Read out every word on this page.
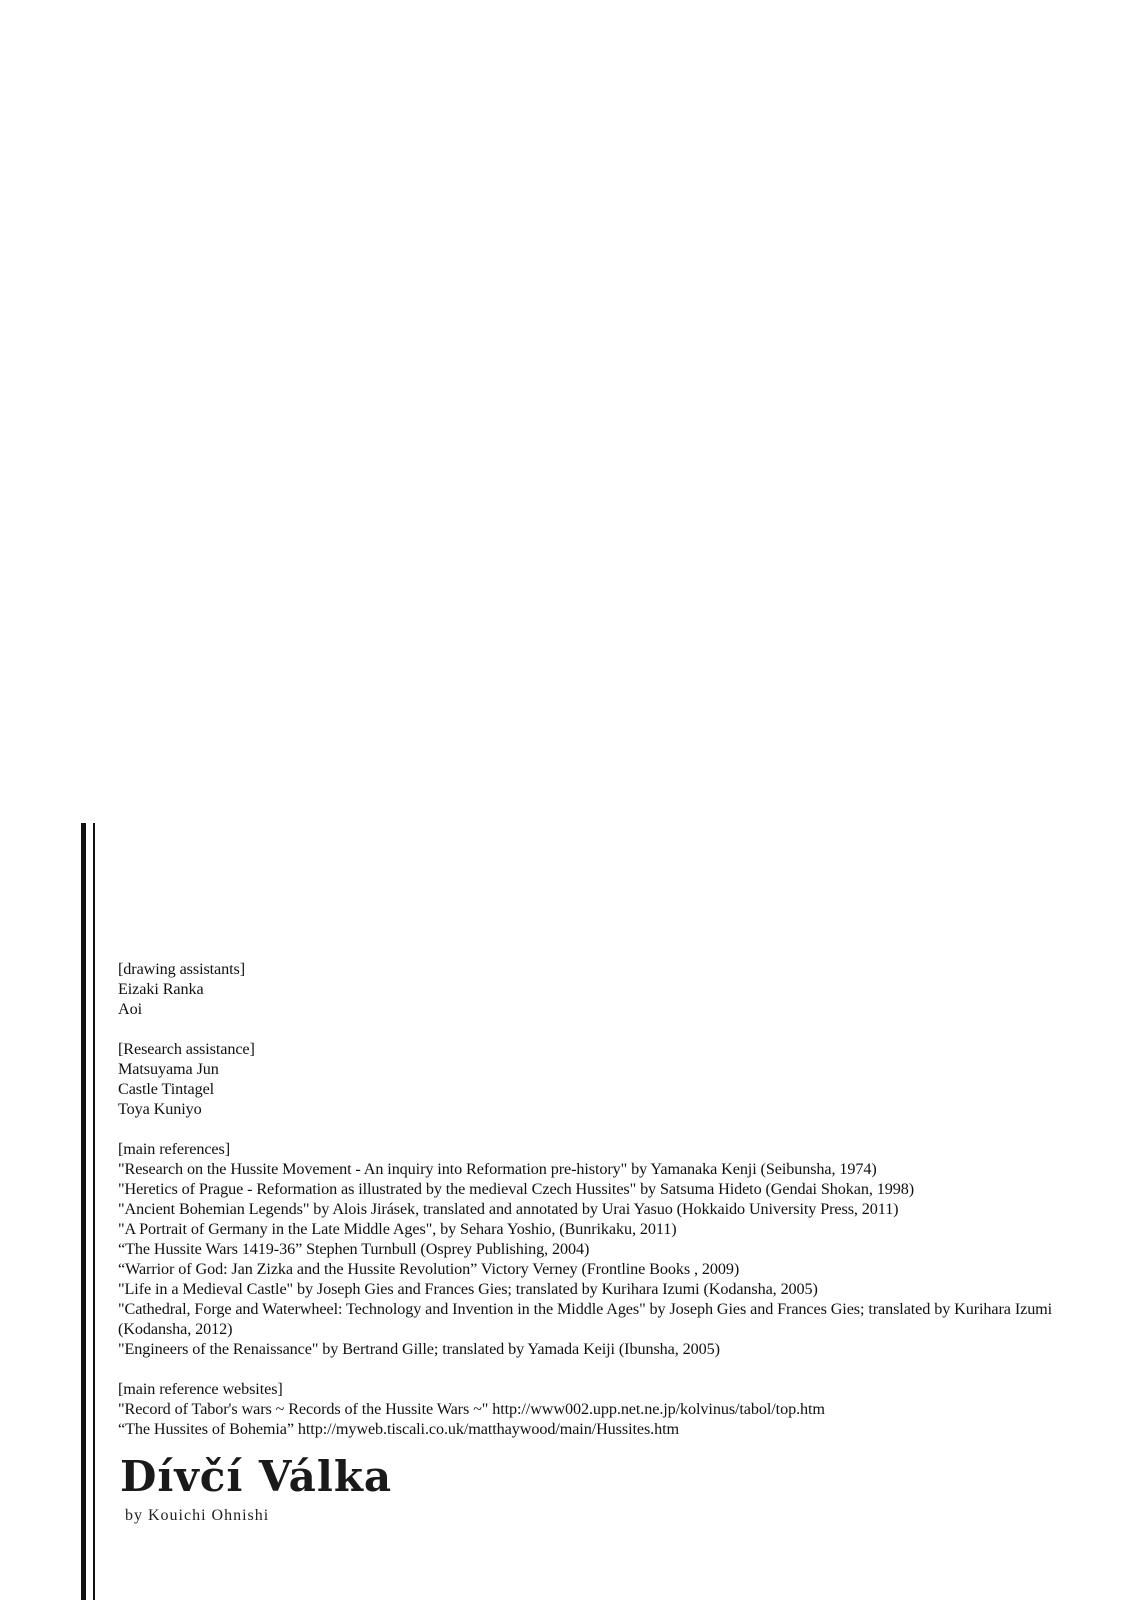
[drawing assistants]
Eizaki Ranka
Aoi
[Research assistance]
Matsuyama Jun
Castle Tintagel
Toya Kuniyo
[main references]
"Research on the Hussite Movement - An inquiry into Reformation pre-history" by Yamanaka Kenji (Seibunsha, 1974)
"Heretics of Prague - Reformation as illustrated by the medieval Czech Hussites" by Satsuma Hideto (Gendai Shokan, 1998)
"Ancient Bohemian Legends" by Alois Jirásek, translated and annotated by Urai Yasuo (Hokkaido University Press, 2011)
"A Portrait of Germany in the Late Middle Ages", by Sehara Yoshio, (Bunrikaku, 2011)
“The Hussite Wars 1419-36” Stephen Turnbull (Osprey Publishing, 2004)
“Warrior of God: Jan Zizka and the Hussite Revolution” Victory Verney (Frontline Books , 2009)
"Life in a Medieval Castle" by Joseph Gies and Frances Gies; translated by Kurihara Izumi (Kodansha, 2005)
"Cathedral, Forge and Waterwheel: Technology and Invention in the Middle Ages" by Joseph Gies and Frances Gies; translated by Kurihara Izumi (Kodansha, 2012)
"Engineers of the Renaissance" by Bertrand Gille; translated by Yamada Keiji (Ibunsha, 2005)
[main reference websites]
"Record of Tabor's wars ~ Records of the Hussite Wars ~" http://www002.upp.net.ne.jp/kolvinus/tabol/top.htm
“The Hussites of Bohemia” http://myweb.tiscali.co.uk/matthaywood/main/Hussites.htm
Dívčí Válka
by Kouichi Ohnishi
